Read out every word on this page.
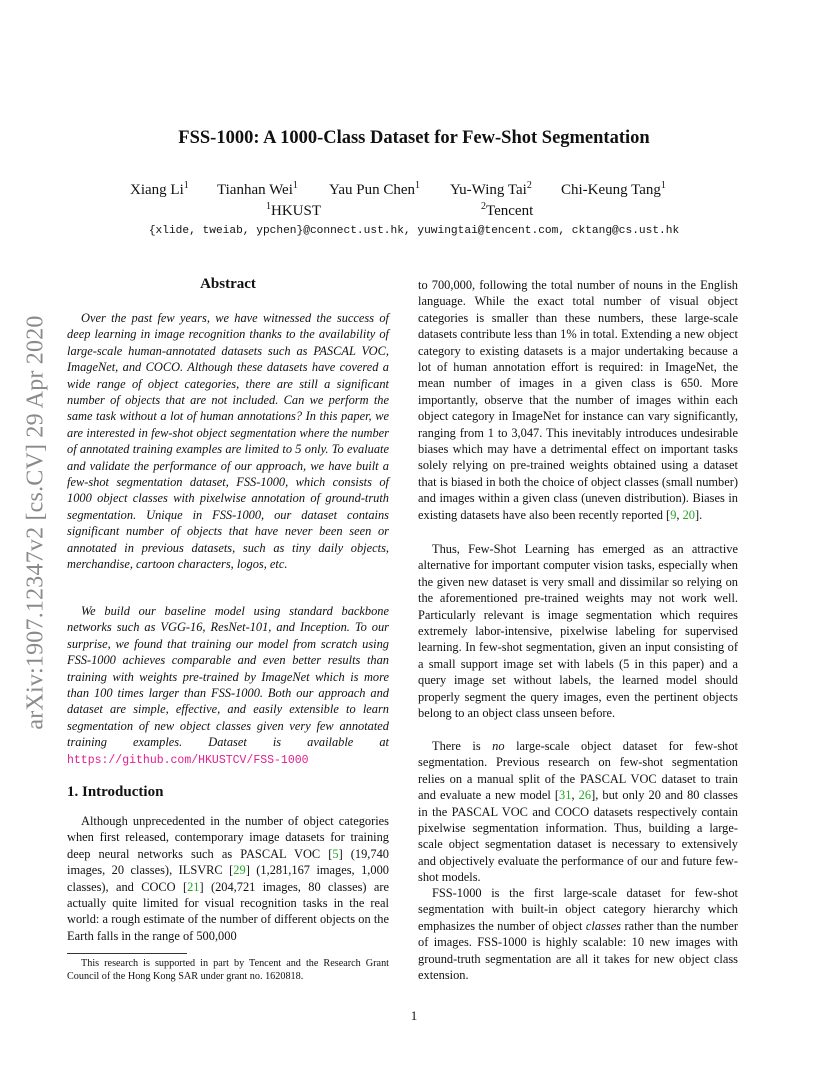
arXiv:1907.12347v2 [cs.CV] 29 Apr 2020
FSS-1000: A 1000-Class Dataset for Few-Shot Segmentation
Xiang Li$^1$ Tianhan Wei$^1$ Yau Pun Chen$^1$ Yu-Wing Tai$^2$ Chi-Keung Tang$^1$
$^1$HKUST	$^2$Tencent
{xlide, tweiab, ypchen}@connect.ust.hk, yuwingtai@tencent.com, cktang@cs.ust.hk
Abstract
Over the past few years, we have witnessed the success of deep learning in image recognition thanks to the availability of large-scale human-annotated datasets such as PASCAL VOC, ImageNet, and COCO. Although these datasets have covered a wide range of object categories, there are still a significant number of objects that are not included. Can we perform the same task without a lot of human annotations? In this paper, we are interested in few-shot object segmentation where the number of annotated training examples are limited to 5 only. To evaluate and validate the performance of our approach, we have built a few-shot segmentation dataset, FSS-1000, which consists of 1000 object classes with pixelwise annotation of ground-truth segmentation. Unique in FSS-1000, our dataset contains significant number of objects that have never been seen or annotated in previous datasets, such as tiny daily objects, merchandise, cartoon characters, logos, etc.
We build our baseline model using standard backbone networks such as VGG-16, ResNet-101, and Inception. To our surprise, we found that training our model from scratch using FSS-1000 achieves comparable and even better results than training with weights pre-trained by ImageNet which is more than 100 times larger than FSS-1000. Both our approach and dataset are simple, effective, and easily extensible to learn segmentation of new object classes given very few annotated training examples. Dataset is available at https://github.com/HKUSTCV/FSS-1000
1. Introduction
Although unprecedented in the number of object categories when first released, contemporary image datasets for training deep neural networks such as PASCAL VOC [5] (19,740 images, 20 classes), ILSVRC [29] (1,281,167 images, 1,000 classes), and COCO [21] (204,721 images, 80 classes) are actually quite limited for visual recognition tasks in the real world: a rough estimate of the number of different objects on the Earth falls in the range of 500,000
This research is supported in part by Tencent and the Research Grant Council of the Hong Kong SAR under grant no. 1620818.
to 700,000, following the total number of nouns in the English language. While the exact total number of visual object categories is smaller than these numbers, these large-scale datasets contribute less than 1% in total. Extending a new object category to existing datasets is a major undertaking because a lot of human annotation effort is required: in ImageNet, the mean number of images in a given class is 650. More importantly, observe that the number of images within each object category in ImageNet for instance can vary significantly, ranging from 1 to 3,047. This inevitably introduces undesirable biases which may have a detrimental effect on important tasks solely relying on pre-trained weights obtained using a dataset that is biased in both the choice of object classes (small number) and images within a given class (uneven distribution). Biases in existing datasets have also been recently reported [9, 20].
Thus, Few-Shot Learning has emerged as an attractive alternative for important computer vision tasks, especially when the given new dataset is very small and dissimilar so relying on the aforementioned pre-trained weights may not work well. Particularly relevant is image segmentation which requires extremely labor-intensive, pixelwise labeling for supervised learning. In few-shot segmentation, given an input consisting of a small support image set with labels (5 in this paper) and a query image set without labels, the learned model should properly segment the query images, even the pertinent objects belong to an object class unseen before.
There is no large-scale object dataset for few-shot segmentation. Previous research on few-shot segmentation relies on a manual split of the PASCAL VOC dataset to train and evaluate a new model [31, 26], but only 20 and 80 classes in the PASCAL VOC and COCO datasets respectively contain pixelwise segmentation information. Thus, building a large-scale object segmentation dataset is necessary to extensively and objectively evaluate the performance of our and future few-shot models.
FSS-1000 is the first large-scale dataset for few-shot segmentation with built-in object category hierarchy which emphasizes the number of object classes rather than the number of images. FSS-1000 is highly scalable: 10 new images with ground-truth segmentation are all it takes for new object class extension.
1
